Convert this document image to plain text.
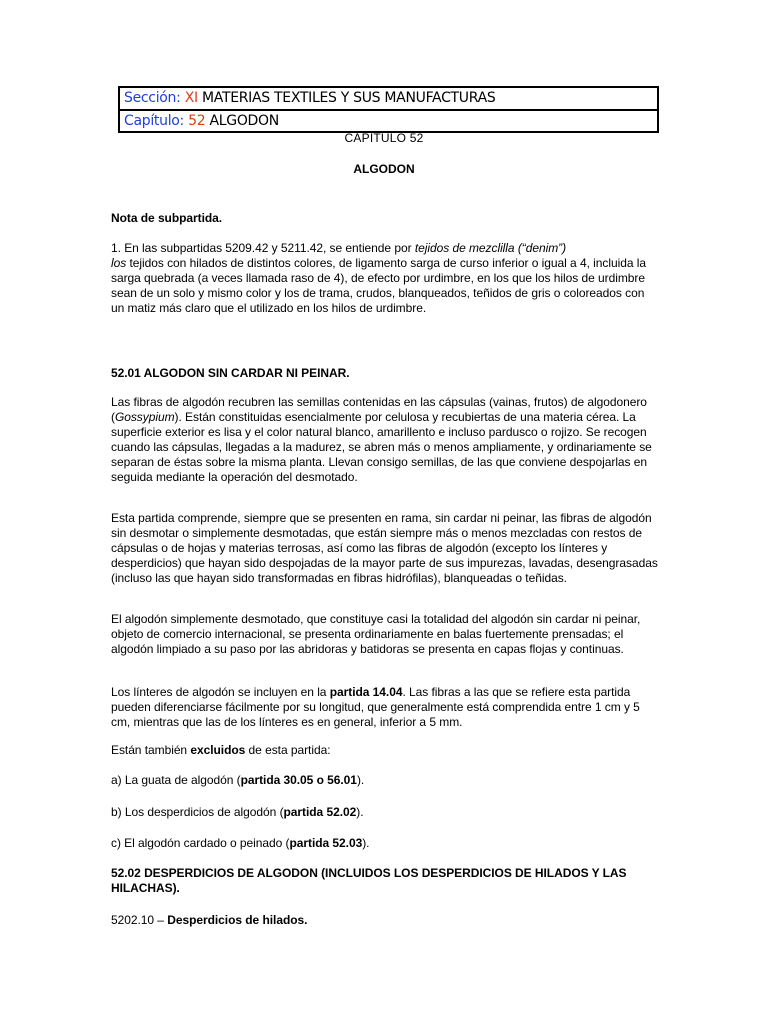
Sección: XI MATERIAS TEXTILES Y SUS MANUFACTURAS
Capítulo: 52 ALGODON
CAPITULO 52
ALGODON
Nota de subpartida.

1. En las subpartidas 5209.42 y 5211.42, se entiende por tejidos de mezclilla (“denim”)
los tejidos con hilados de distintos colores, de ligamento sarga de curso inferior o igual a 4, incluida la sarga quebrada (a veces llamada raso de 4), de efecto por urdimbre, en los que los hilos de urdimbre sean de un solo y mismo color y los de trama, crudos, blanqueados, teñidos de gris o coloreados con un matiz más claro que el utilizado en los hilos de urdimbre.

52.01 ALGODON SIN CARDAR NI PEINAR.

Las fibras de algodón recubren las semillas contenidas en las cápsulas (vainas, frutos) de algodonero (Gossypium). Están constituidas esencialmente por celulosa y recubiertas de una materia cérea. La superficie exterior es lisa y el color natural blanco, amarillento e incluso pardusco o rojizo. Se recogen cuando las cápsulas, llegadas a la madurez, se abren más o menos ampliamente, y ordinariamente se separan de éstas sobre la misma planta. Llevan consigo semillas, de las que conviene despojarlas en seguida mediante la operación del desmotado.

Esta partida comprende, siempre que se presenten en rama, sin cardar ni peinar, las fibras de algodón sin desmotar o simplemente desmotadas, que están siempre más o menos mezcladas con restos de cápsulas o de hojas y materias terrosas, así como las fibras de algodón (excepto los línteres y desperdicios) que hayan sido despojadas de la mayor parte de sus impurezas, lavadas, desengrasadas (incluso las que hayan sido transformadas en fibras hidrófilas), blanqueadas o teñidas.
El algodón simplemente desmotado, que constituye casi la totalidad del algodón sin cardar ni peinar, objeto de comercio internacional, se presenta ordinariamente en balas fuertemente prensadas; el algodón limpiado a su paso por las abridoras y batidoras se presenta en capas flojas y continuas.

Los línteres de algodón se incluyen en la partida 14.04. Las fibras a las que se refiere esta partida pueden diferenciarse fácilmente por su longitud, que generalmente está comprendida entre 1 cm y 5 cm, mientras que las de los línteres es en general, inferior a 5 mm.

Están también excluidos de esta partida:

a) La guata de algodón (partida 30.05 o 56.01).

b) Los desperdicios de algodón (partida 52.02).

c) El algodón cardado o peinado (partida 52.03).

52.02 DESPERDICIOS DE ALGODON (INCLUIDOS LOS DESPERDICIOS DE HILADOS Y LAS HILACHAS).

5202.10 – Desperdicios de hilados.
